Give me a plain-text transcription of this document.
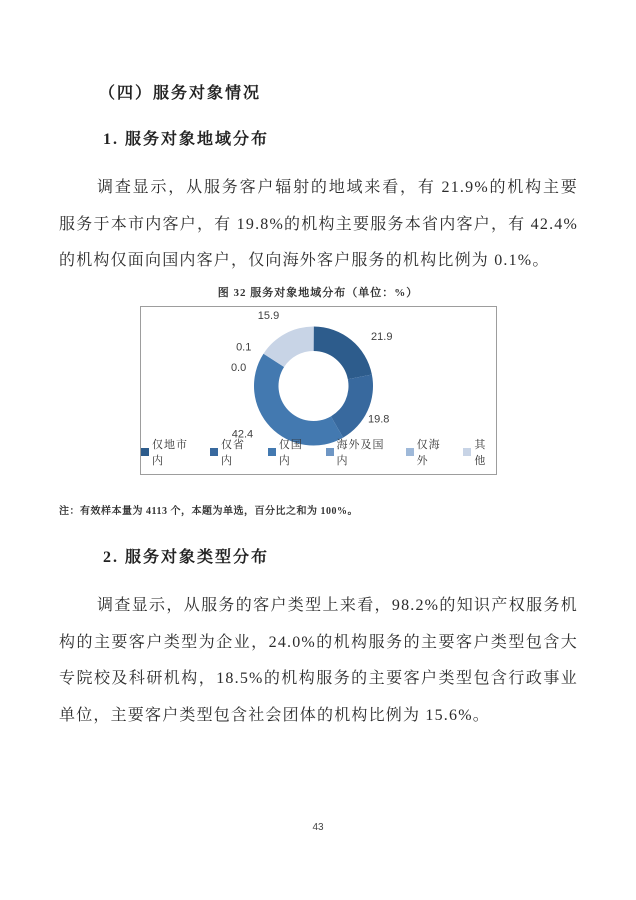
（四）服务对象情况
1. 服务对象地域分布

调查显示，从服务客户辐射的地域来看，有 21.9%的机构主要服务于本市内客户，有 19.8%的机构主要服务本省内客户，有 42.4%的机构仅面向国内客户，仅向海外客户服务的机构比例为 0.1%。

图 32 服务对象地域分布（单位：%）
21.9
19.8
42.4
0.0
0.1
15.9
仅地市内
仅省内
仅国内
海外及国内
仅海外
其他
注：有效样本量为 4113 个，本题为单选，百分比之和为 100%。
2. 服务对象类型分布

调查显示，从服务的客户类型上来看，98.2%的知识产权服务机构的主要客户类型为企业，24.0%的机构服务的主要客户类型包含大专院校及科研机构，18.5%的机构服务的主要客户类型包含行政事业单位，主要客户类型包含社会团体的机构比例为 15.6%。

43
